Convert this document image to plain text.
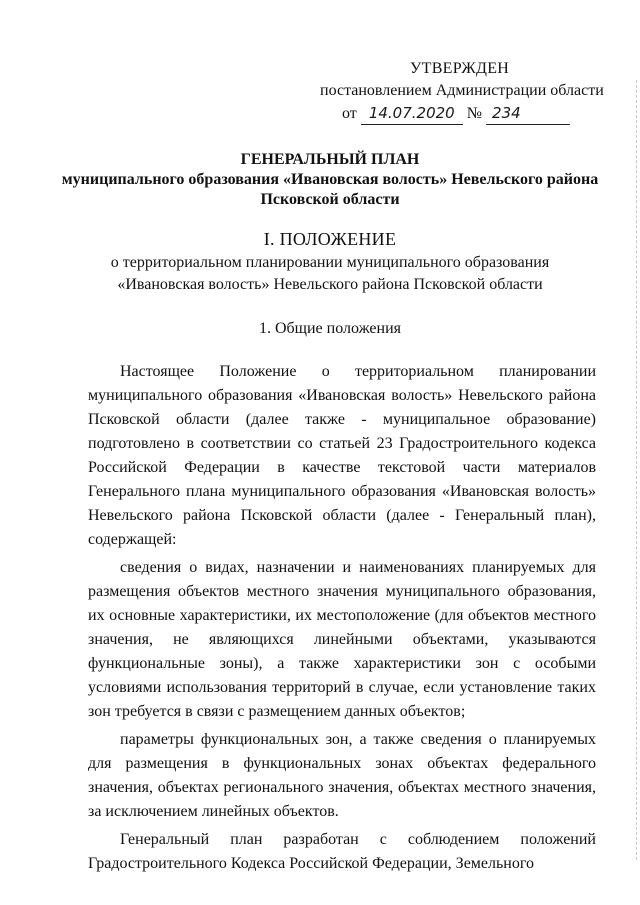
УТВЕРЖДЕН
постановлением Администрации области
от 14.07.2020 № 234
ГЕНЕРАЛЬНЫЙ ПЛАН
муниципального образования «Ивановская волость» Невельского района
Псковской области
I. ПОЛОЖЕНИЕ
о территориальном планировании муниципального образования
«Ивановская волость» Невельского района Псковской области
1. Общие положения

Настоящее Положение о территориальном планировании муниципального образования «Ивановская волость» Невельского района Псковской области (далее также - муниципальное образование) подготовлено в соответствии со статьей 23 Градостроительного кодекса Российской Федерации в качестве текстовой части материалов Генерального плана муниципального образования «Ивановская волость» Невельского района Псковской области (далее - Генеральный план), содержащей:

сведения о видах, назначении и наименованиях планируемых для размещения объектов местного значения муниципального образования, их основные характеристики, их местоположение (для объектов местного значения, не являющихся линейными объектами, указываются функциональные зоны), а также характеристики зон с особыми условиями использования территорий в случае, если установление таких зон требуется в связи с размещением данных объектов;

параметры функциональных зон, а также сведения о планируемых для размещения в функциональных зонах объектах федерального значения, объектах регионального значения, объектах местного значения, за исключением линейных объектов.

Генеральный план разработан с соблюдением положений Градостроительного Кодекса Российской Федерации, Земельного
